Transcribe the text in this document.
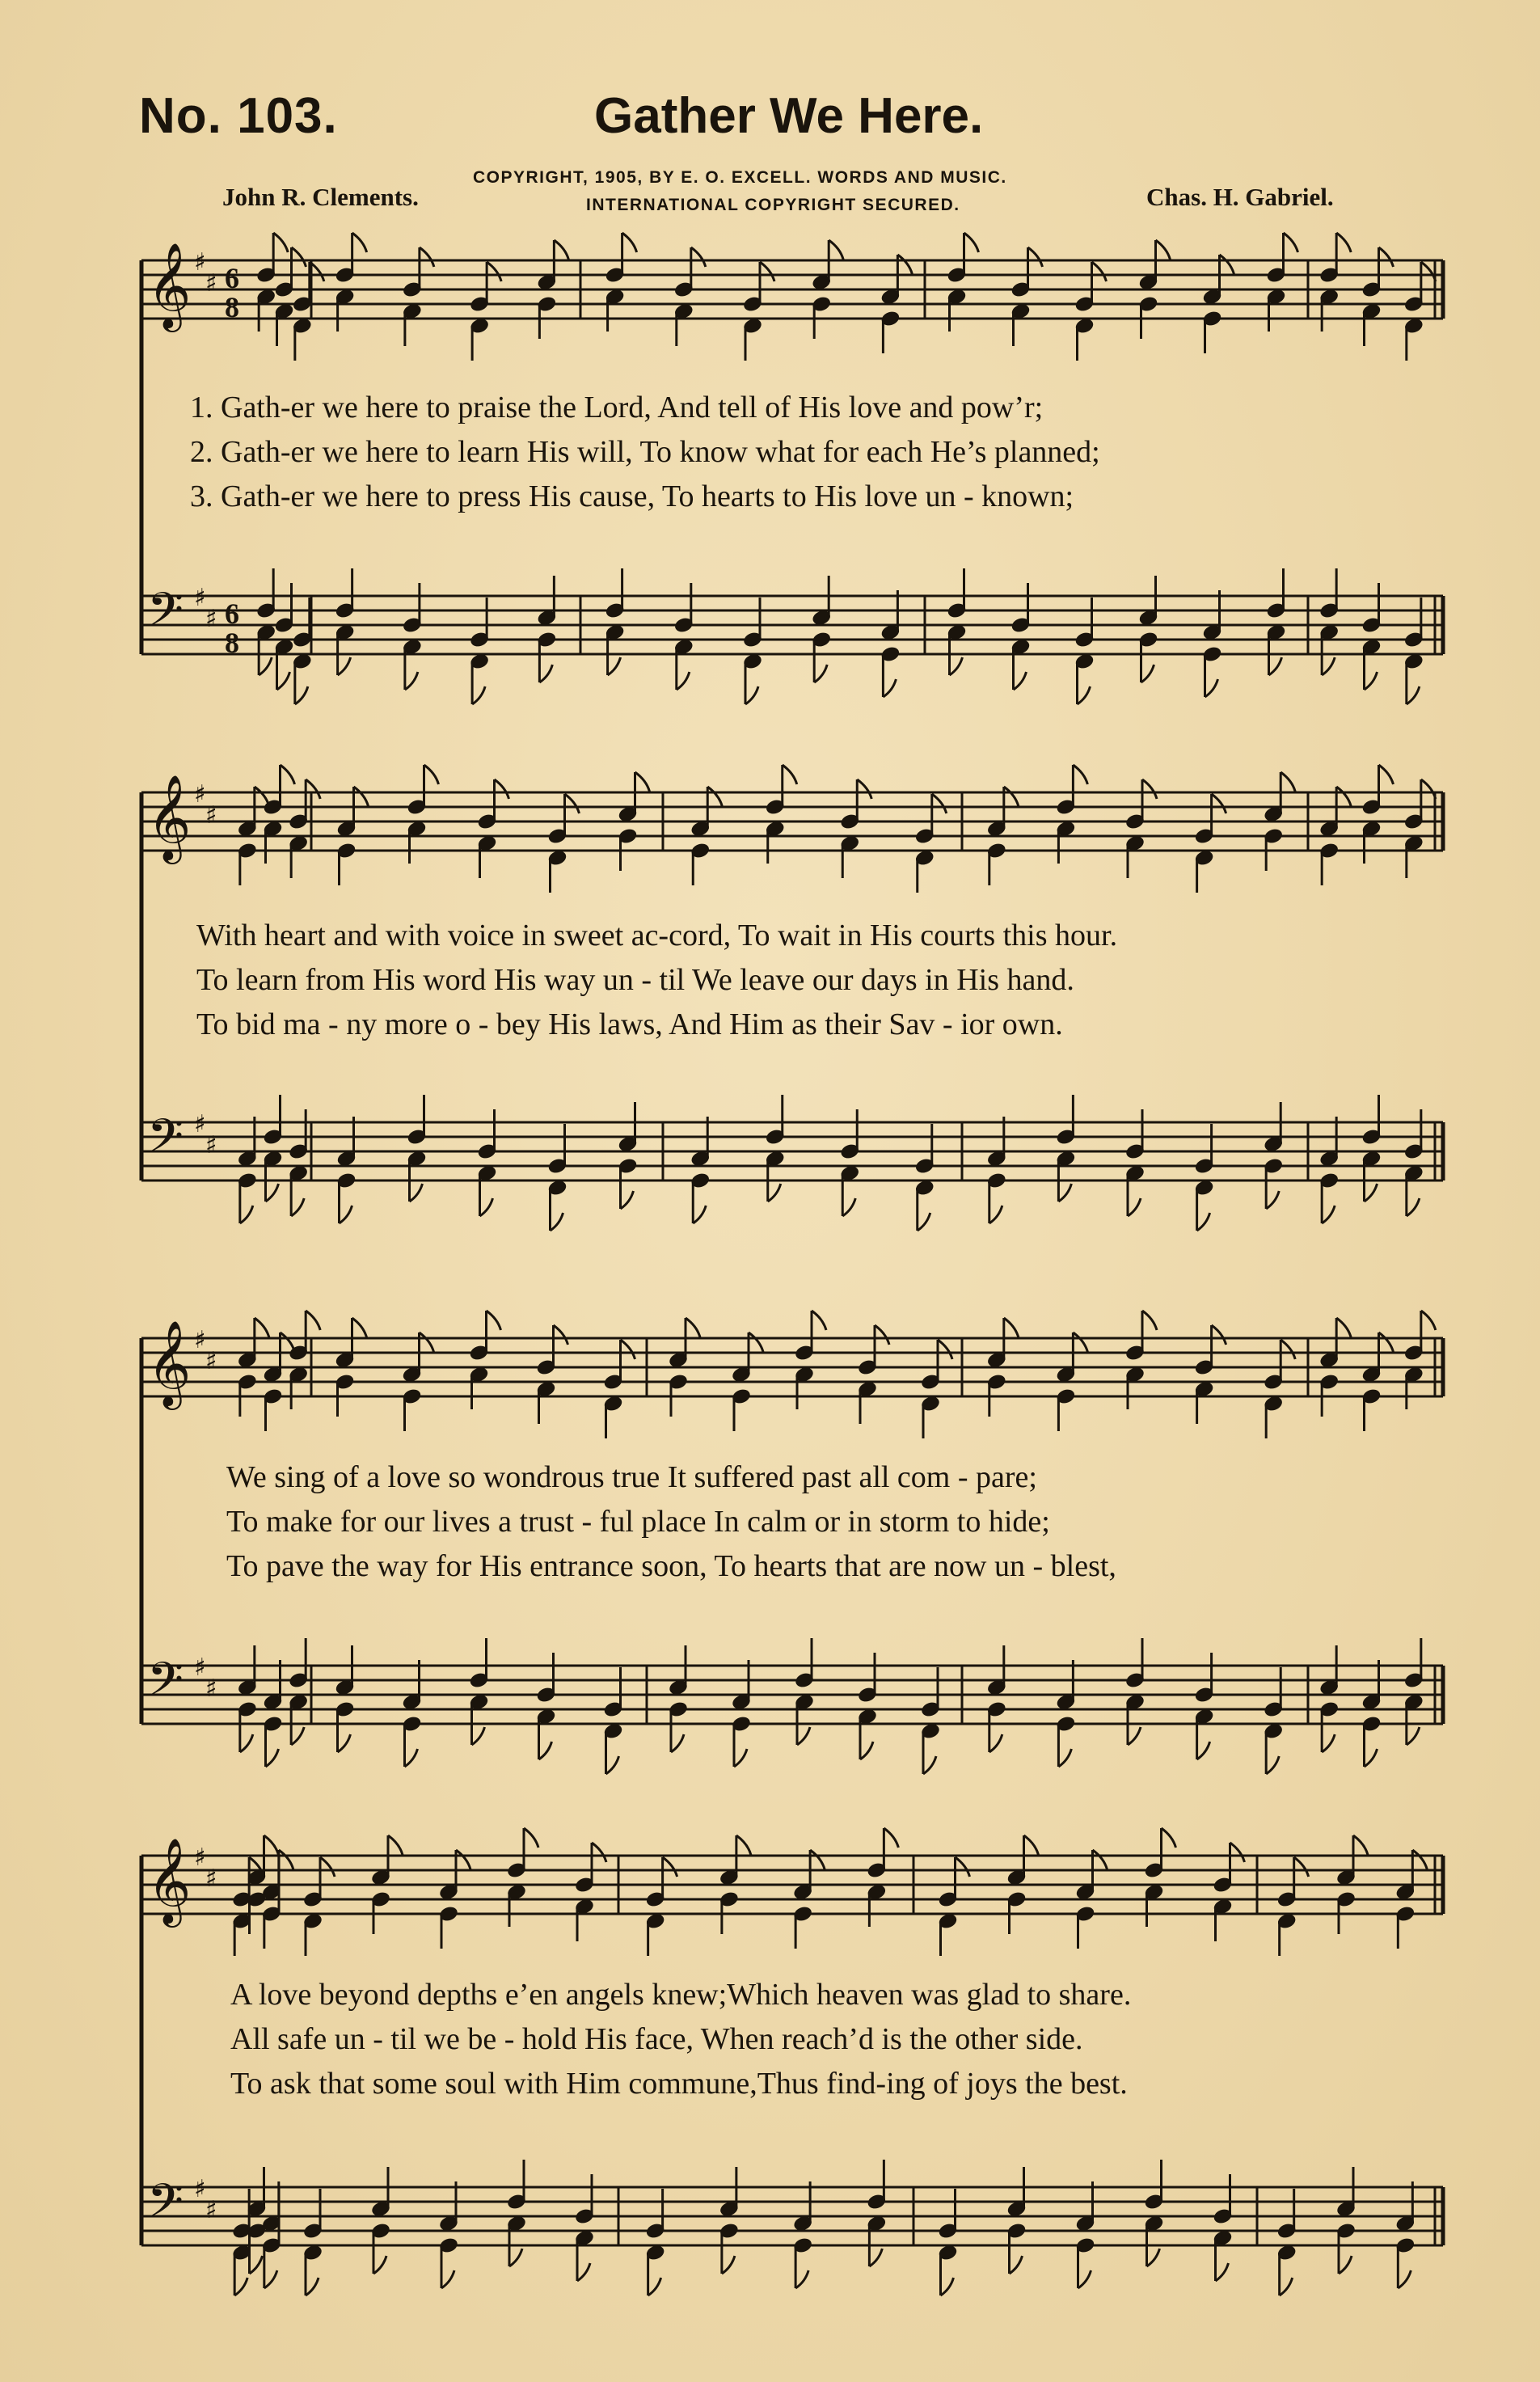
No. 103.	Gather We Here.
COPYRIGHT, 1905, BY E. O. EXCELL. WORDS AND MUSIC.
INTERNATIONAL COPYRIGHT SECURED.
John R. Clements.	Chas. H. Gabriel.
𝄞 ♯
♯ 6
8
𝄢 ♯
♯ 6
8
𝄞 ♯
♯
𝄢 ♯
♯
𝄞 ♯
♯
𝄢 ♯
♯
𝄞 ♯
♯
𝄢 ♯
♯
1. Gath-er we here to praise the Lord, And tell of His love and pow’r;
2. Gath-er we here to learn His will, To know what for each He’s planned;
3. Gath-er we here to press His cause, To hearts to His love un - known;
With heart and with voice in sweet ac-cord, To wait in His courts this hour.
To learn from His word His way un - til We leave our days in His hand.
To bid ma - ny more o - bey His laws, And Him as their Sav - ior own.
We sing of a love so wondrous true It suffered past all com - pare;
To make for our lives a trust - ful place In calm or in storm to hide;
To pave the way for His entrance soon, To hearts that are now un - blest,
A love beyond depths e’en angels knew;Which heaven was glad to share.
All safe un - til we be - hold His face, When reach’d is the other side.
To ask that some soul with Him commune,Thus find-ing of joys the best.
